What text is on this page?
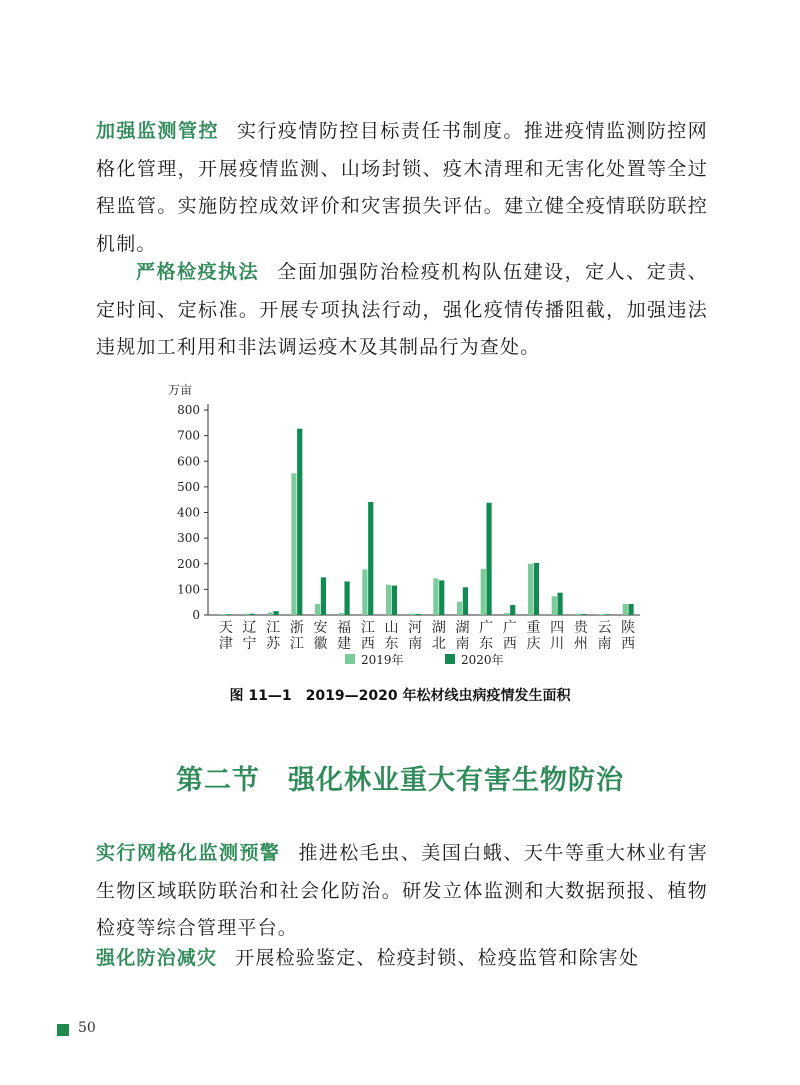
加强监测管控 实行疫情防控目标责任书制度。推进疫情监测防控网格化管理，开展疫情监测、山场封锁、疫木清理和无害化处置等全过程监管。实施防控成效评价和灾害损失评估。建立健全疫情联防联控机制。

严格检疫执法 全面加强防治检疫机构队伍建设，定人、定责、定时间、定标准。开展专项执法行动，强化疫情传播阻截，加强违法违规加工利用和非法调运疫木及其制品行为查处。

0
100
200
300
400
500
600
700
800
万亩
天
津
辽
宁
江
苏
浙
江
安
徽
福
建
江
西
山
东
河
南
湖
北
湖
南
广
东
广
西
重
庆
四
川
贵
州
云
南
陕
西
2019年	2020年
图 11—1　2019—2020 年松材线虫病疫情发生面积
第二节　强化林业重大有害生物防治

实行网格化监测预警 推进松毛虫、美国白蛾、天牛等重大林业有害生物区域联防联治和社会化防治。研发立体监测和大数据预报、植物检疫等综合管理平台。

强化防治减灾 开展检验鉴定、检疫封锁、检疫监管和除害处

50
